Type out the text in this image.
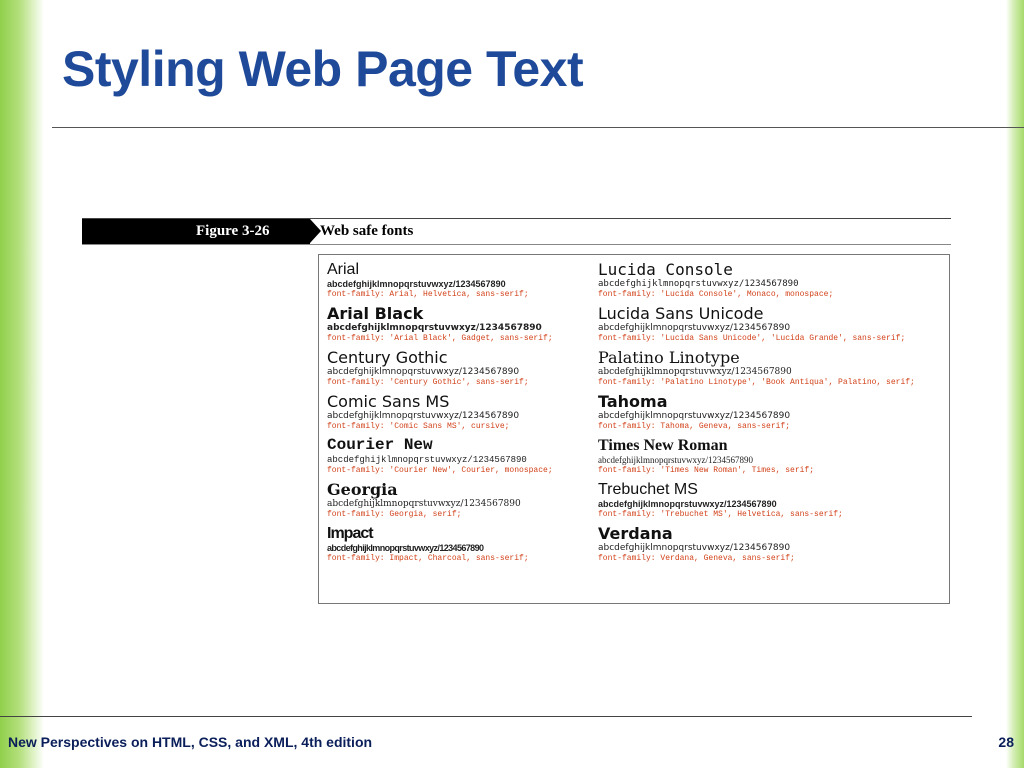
Styling Web Page Text
Figure 3-26	Web safe fonts
Arial
abcdefghijklmnopqrstuvwxyz/1234567890
font-family: Arial, Helvetica, sans-serif;
Arial Black
abcdefghijklmnopqrstuvwxyz/1234567890
font-family: 'Arial Black', Gadget, sans-serif;
Century Gothic
abcdefghijklmnopqrstuvwxyz/1234567890
font-family: 'Century Gothic', sans-serif;
Comic Sans MS
abcdefghijklmnopqrstuvwxyz/1234567890
font-family: 'Comic Sans MS', cursive;
Courier New
abcdefghijklmnopqrstuvwxyz/1234567890
font-family: 'Courier New', Courier, monospace;
Georgia
abcdefghijklmnopqrstuvwxyz/1234567890
font-family: Georgia, serif;
Impact
abcdefghijklmnopqrstuvwxyz/1234567890
font-family: Impact, Charcoal, sans-serif;
Lucida Console
abcdefghijklmnopqrstuvwxyz/1234567890
font-family: 'Lucida Console', Monaco, monospace;
Lucida Sans Unicode
abcdefghijklmnopqrstuvwxyz/1234567890
font-family: 'Lucida Sans Unicode', 'Lucida Grande', sans-serif;
Palatino Linotype
abcdefghijklmnopqrstuvwxyz/1234567890
font-family: 'Palatino Linotype', 'Book Antiqua', Palatino, serif;
Tahoma
abcdefghijklmnopqrstuvwxyz/1234567890
font-family: Tahoma, Geneva, sans-serif;
Times New Roman
abcdefghijklmnopqrstuvwxyz/1234567890
font-family: 'Times New Roman', Times, serif;
Trebuchet MS
abcdefghijklmnopqrstuvwxyz/1234567890
font-family: 'Trebuchet MS', Helvetica, sans-serif;
Verdana
abcdefghijklmnopqrstuvwxyz/1234567890
font-family: Verdana, Geneva, sans-serif;
New Perspectives on HTML, CSS, and XML, 4th edition	28
